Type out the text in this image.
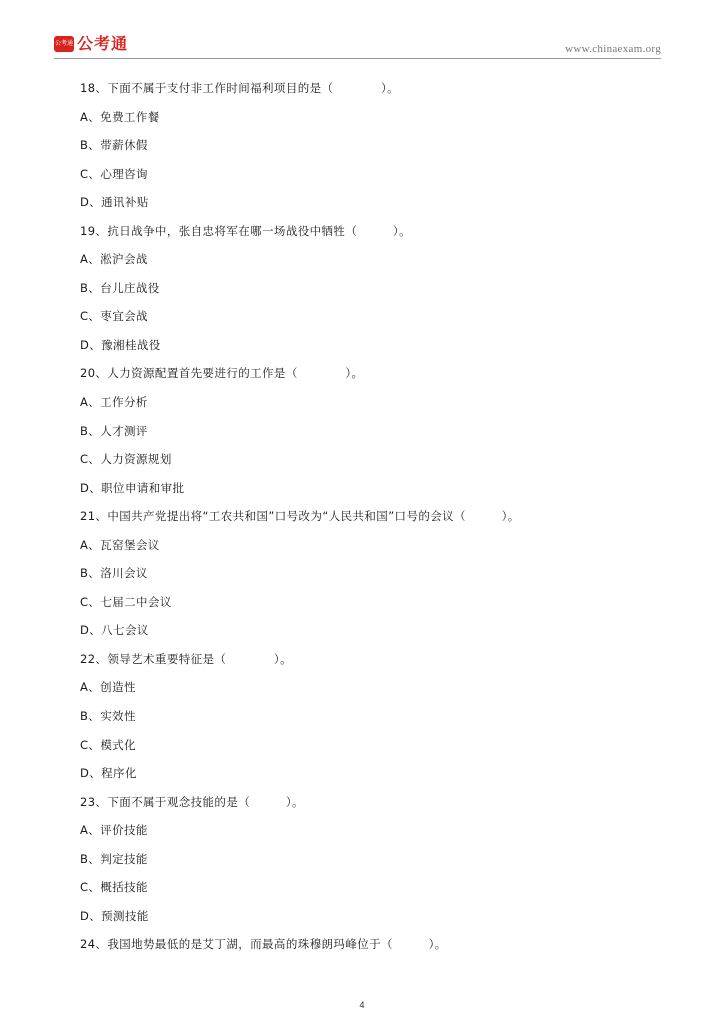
公考通 公考通	www.chinaexam.org
18、下面不属于支付非工作时间福利项目的是（　　　　）。
A、免费工作餐
B、带薪休假
C、心理咨询
D、通讯补贴
19、抗日战争中，张自忠将军在哪一场战役中牺牲（　　　）。
A、淞沪会战
B、台儿庄战役
C、枣宜会战
D、豫湘桂战役
20、人力资源配置首先要进行的工作是（　　　　）。
A、工作分析
B、人才测评
C、人力资源规划
D、职位申请和审批
21、中国共产党提出将“工农共和国”口号改为“人民共和国”口号的会议（　　　）。
A、瓦窑堡会议
B、洛川会议
C、七届二中会议
D、八七会议
22、领导艺术重要特征是（　　　　）。
A、创造性
B、实效性
C、模式化
D、程序化
23、下面不属于观念技能的是（　　　）。
A、评价技能
B、判定技能
C、概括技能
D、预测技能
24、我国地势最低的是艾丁湖，而最高的珠穆朗玛峰位于（　　　）。
4
